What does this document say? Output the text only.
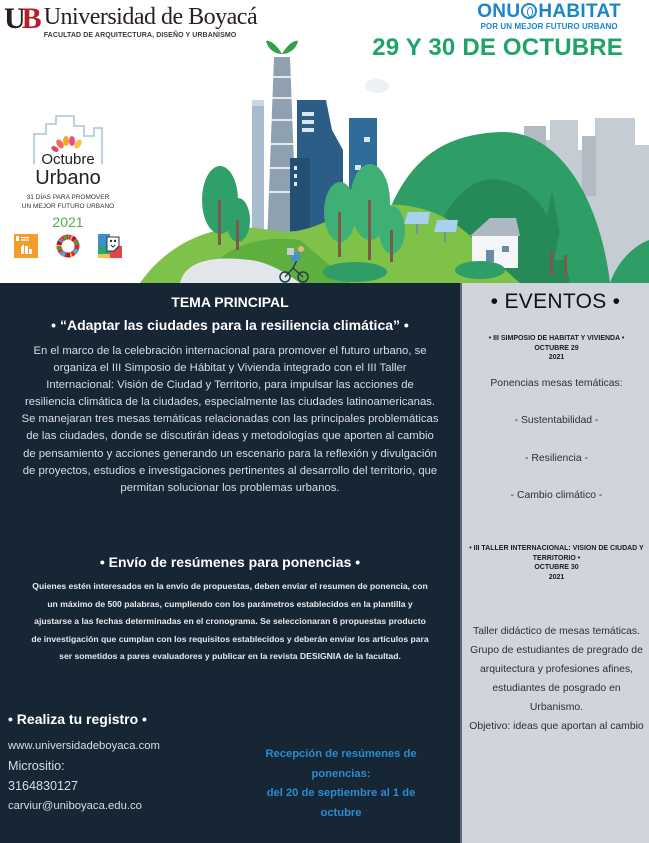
UB Universidad de Boyacá
FACULTAD DE ARQUITECTURA, DISEÑO Y URBANISMO
ONU HABITAT
POR UN MEJOR FUTURO URBANO
29 Y 30 DE OCTUBRE
Octubre
Urbano
31 DÍAS PARA PROMOVER
UN MEJOR FUTURO URBANO
2021
TEMA PRINCIPAL
• “Adaptar las ciudades para la resiliencia climática” •
En el marco de la celebración internacional para promover el futuro urbano, se organiza el III Simposio de Hábitat y Vivienda integrado con el III Taller Internacional: Visión de Ciudad y Territorio, para impulsar las acciones de resiliencia climática de la ciudades, especialmente las ciudades latinoamericanas.
Se manejaran tres mesas temáticas relacionadas con las principales problemáticas de las ciudades, donde se discutirán ideas y metodologías que aporten al cambio de pensamiento y acciones generando un escenario para la reflexión y divulgación de proyectos, estudios e investigaciones pertinentes al desarrollo del territorio, que permitan solucionar los problemas urbanos.
• Envío de resúmenes para ponencias •
Quienes estén interesados en la envío de propuestas, deben enviar el resumen de ponencia, con un máximo de 500 palabras, cumpliendo con los parámetros establecidos en la plantilla y ajustarse a las fechas determinadas en el cronograma. Se seleccionaran 6 propuestas producto de investigación que cumplan con los requisitos establecidos y deberán enviar los artículos para ser sometidos a pares evaluadores y publicar en la revista DESIGNIA de la facultad.
• Realiza tu registro •
www.universidadeboyaca.com
Micrositio:
3164830127
carviur@uniboyaca.edu.co
Recepción de resúmenes de ponencias:
del 20 de septiembre al 1 de octubre
• EVENTOS •
• III SIMPOSIO DE HABITAT Y VIVIENDA •
OCTUBRE 29
2021
Ponencias mesas temáticas:
- Sustentabilidad -
- Resiliencia -
- Cambio climático -
• III TALLER INTERNACIONAL: VISION DE CIUDAD Y TERRITORIO •
OCTUBRE 30
2021
Taller didáctico de mesas temáticas.
Grupo de estudiantes de pregrado de arquitectura y profesiones afines, estudiantes de posgrado en Urbanismo.
Objetivo: ideas que aportan al cambio
